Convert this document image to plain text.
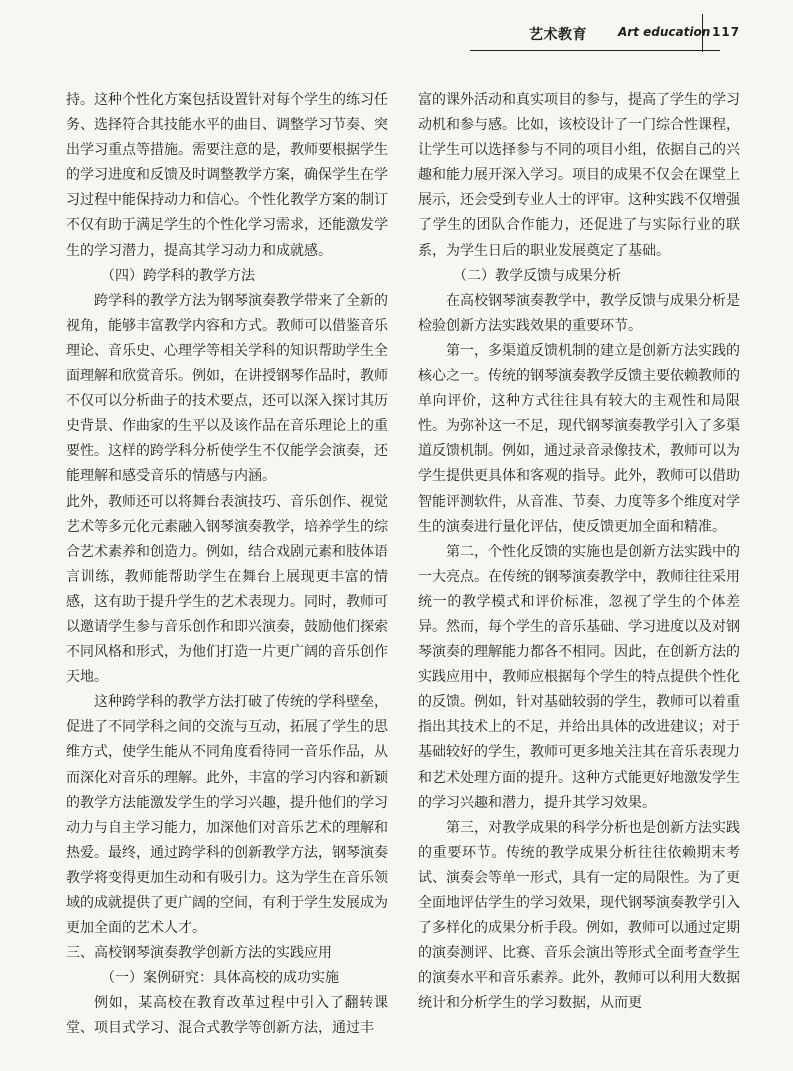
艺术教育	Art education 117

持。这种个性化方案包括设置针对每个学生的练习任务、选择符合其技能水平的曲目、调整学习节奏、突出学习重点等措施。需要注意的是，教师要根据学生的学习进度和反馈及时调整教学方案，确保学生在学习过程中能保持动力和信心。个性化教学方案的制订不仅有助于满足学生的个性化学习需求，还能激发学生的学习潜力，提高其学习动力和成就感。

（四）跨学科的教学方法

跨学科的教学方法为钢琴演奏教学带来了全新的视角，能够丰富教学内容和方式。教师可以借鉴音乐理论、音乐史、心理学等相关学科的知识帮助学生全面理解和欣赏音乐。例如，在讲授钢琴作品时，教师不仅可以分析曲子的技术要点，还可以深入探讨其历史背景、作曲家的生平以及该作品在音乐理论上的重要性。这样的跨学科分析使学生不仅能学会演奏，还能理解和感受音乐的情感与内涵。

此外，教师还可以将舞台表演技巧、音乐创作、视觉艺术等多元化元素融入钢琴演奏教学，培养学生的综合艺术素养和创造力。例如，结合戏剧元素和肢体语言训练，教师能帮助学生在舞台上展现更丰富的情感，这有助于提升学生的艺术表现力。同时，教师可以邀请学生参与音乐创作和即兴演奏，鼓励他们探索不同风格和形式，为他们打造一片更广阔的音乐创作天地。

这种跨学科的教学方法打破了传统的学科壁垒，促进了不同学科之间的交流与互动，拓展了学生的思维方式，使学生能从不同角度看待同一音乐作品，从而深化对音乐的理解。此外，丰富的学习内容和新颖的教学方法能激发学生的学习兴趣，提升他们的学习动力与自主学习能力，加深他们对音乐艺术的理解和热爱。最终，通过跨学科的创新教学方法，钢琴演奏教学将变得更加生动和有吸引力。这为学生在音乐领域的成就提供了更广阔的空间，有利于学生发展成为更加全面的艺术人才。

三、高校钢琴演奏教学创新方法的实践应用

（一）案例研究：具体高校的成功实施

例如，某高校在教育改革过程中引入了翻转课堂、项目式学习、混合式教学等创新方法，通过丰

富的课外活动和真实项目的参与，提高了学生的学习动机和参与感。比如，该校设计了一门综合性课程，让学生可以选择参与不同的项目小组，依据自己的兴趣和能力展开深入学习。项目的成果不仅会在课堂上展示，还会受到专业人士的评审。这种实践不仅增强了学生的团队合作能力，还促进了与实际行业的联系，为学生日后的职业发展奠定了基础。

（二）教学反馈与成果分析

在高校钢琴演奏教学中，教学反馈与成果分析是检验创新方法实践效果的重要环节。

第一，多渠道反馈机制的建立是创新方法实践的核心之一。传统的钢琴演奏教学反馈主要依赖教师的单向评价，这种方式往往具有较大的主观性和局限性。为弥补这一不足，现代钢琴演奏教学引入了多渠道反馈机制。例如，通过录音录像技术，教师可以为学生提供更具体和客观的指导。此外，教师可以借助智能评测软件，从音准、节奏、力度等多个维度对学生的演奏进行量化评估，使反馈更加全面和精准。

第二，个性化反馈的实施也是创新方法实践中的一大亮点。在传统的钢琴演奏教学中，教师往往采用统一的教学模式和评价标准，忽视了学生的个体差异。然而，每个学生的音乐基础、学习进度以及对钢琴演奏的理解能力都各不相同。因此，在创新方法的实践应用中，教师应根据每个学生的特点提供个性化的反馈。例如，针对基础较弱的学生，教师可以着重指出其技术上的不足，并给出具体的改进建议；对于基础较好的学生，教师可更多地关注其在音乐表现力和艺术处理方面的提升。这种方式能更好地激发学生的学习兴趣和潜力，提升其学习效果。

第三，对教学成果的科学分析也是创新方法实践的重要环节。传统的教学成果分析往往依赖期末考试、演奏会等单一形式，具有一定的局限性。为了更全面地评估学生的学习效果，现代钢琴演奏教学引入了多样化的成果分析手段。例如，教师可以通过定期的演奏测评、比赛、音乐会演出等形式全面考查学生的演奏水平和音乐素养。此外，教师可以利用大数据统计和分析学生的学习数据，从而更
